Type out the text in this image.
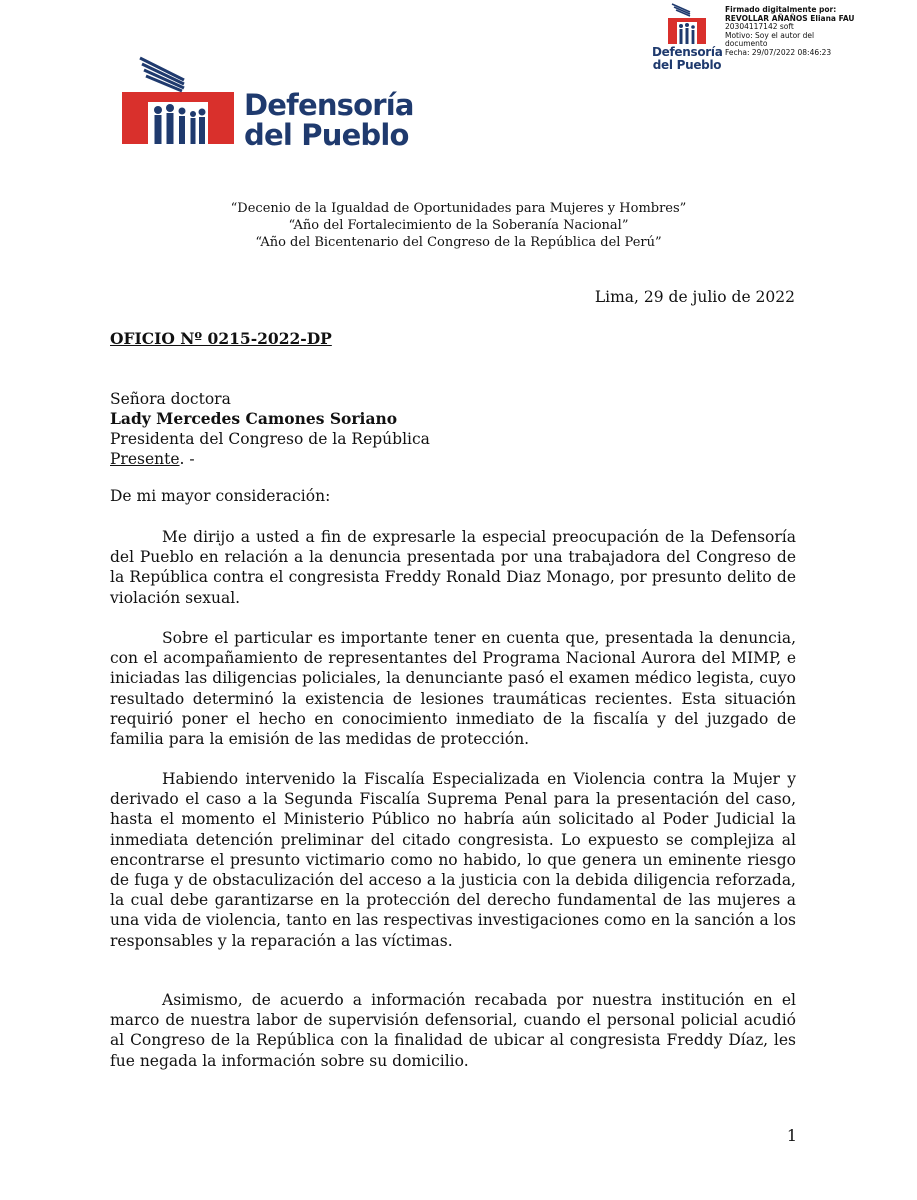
Defensoría
del Pueblo
Firmado digitalmente por:
REVOLLAR AÑAÑOS Eliana FAU
20304117142 soft
Motivo: Soy el autor del
documento
Fecha: 29/07/2022 08:46:23
Defensoría
del Pueblo
“Decenio de la Igualdad de Oportunidades para Mujeres y Hombres”
“Año del Fortalecimiento de la Soberanía Nacional”
“Año del Bicentenario del Congreso de la República del Perú”
Lima, 29 de julio de 2022
OFICIO Nº 0215-2022-DP
Señora doctora
Lady Mercedes Camones Soriano
Presidenta del Congreso de la República
Presente. -
De mi mayor consideración:

Me dirijo a usted a fin de expresarle la especial preocupación de la Defensoría del Pueblo en relación a la denuncia presentada por una trabajadora del Congreso de la República contra el congresista Freddy Ronald Diaz Monago, por presunto delito de violación sexual.

Sobre el particular es importante tener en cuenta que, presentada la denuncia, con el acompañamiento de representantes del Programa Nacional Aurora del MIMP, e iniciadas las diligencias policiales, la denunciante pasó el examen médico legista, cuyo resultado determinó la existencia de lesiones traumáticas recientes. Esta situación requirió poner el hecho en conocimiento inmediato de la fiscalía y del juzgado de familia para la emisión de las medidas de protección.

Habiendo intervenido la Fiscalía Especializada en Violencia contra la Mujer y derivado el caso a la Segunda Fiscalía Suprema Penal para la presentación del caso, hasta el momento el Ministerio Público no habría aún solicitado al Poder Judicial la inmediata detención preliminar del citado congresista. Lo expuesto se complejiza al encontrarse el presunto victimario como no habido, lo que genera un eminente riesgo de fuga y de obstaculización del acceso a la justicia con la debida diligencia reforzada, la cual debe garantizarse en la protección del derecho fundamental de las mujeres a una vida de violencia, tanto en las respectivas investigaciones como en la sanción a los responsables y la reparación a las víctimas.

Asimismo, de acuerdo a información recabada por nuestra institución en el marco de nuestra labor de supervisión defensorial, cuando el personal policial acudió al Congreso de la República con la finalidad de ubicar al congresista Freddy Díaz, les fue negada la información sobre su domicilio.

1
